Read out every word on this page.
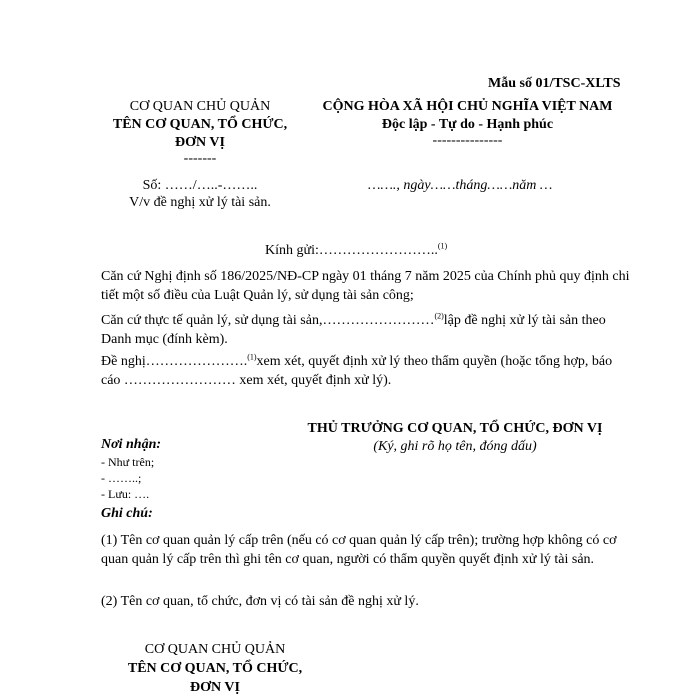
Mẫu số 01/TSC-XLTS
CƠ QUAN CHỦ QUẢN
TÊN CƠ QUAN, TỔ CHỨC,
ĐƠN VỊ
-------
CỘNG HÒA XÃ HỘI CHỦ NGHĨA VIỆT NAM
Độc lập - Tự do - Hạnh phúc
---------------
Số: ……/…..-……..	……., ngày……tháng……năm …
V/v đề nghị xử lý tài sản.
Kính gửi:……………………..$^{(1)}$

Căn cứ Nghị định số 186/2025/NĐ-CP ngày 01 tháng 7 năm 2025 của Chính phủ quy định chi tiết một số điều của Luật Quản lý, sử dụng tài sản công;

Căn cứ thực tế quản lý, sử dụng tài sản,……………………$^{(2)}$lập đề nghị xử lý tài sản theo Danh mục (đính kèm).

Đề nghị………………….$^{(1)}$xem xét, quyết định xử lý theo thẩm quyền (hoặc tổng hợp, báo cáo …………………… xem xét, quyết định xử lý).

THỦ TRƯỞNG CƠ QUAN, TỔ CHỨC, ĐƠN VỊ
(Ký, ghi rõ họ tên, đóng dấu)
Nơi nhận:
- Như trên;
- ……..;
- Lưu: ….
Ghi chú:

(1) Tên cơ quan quản lý cấp trên (nếu có cơ quan quản lý cấp trên); trường hợp không có cơ quan quản lý cấp trên thì ghi tên cơ quan, người có thẩm quyền quyết định xử lý tài sản.

(2) Tên cơ quan, tổ chức, đơn vị có tài sản đề nghị xử lý.

CƠ QUAN CHỦ QUẢN
TÊN CƠ QUAN, TỔ CHỨC,
ĐƠN VỊ
